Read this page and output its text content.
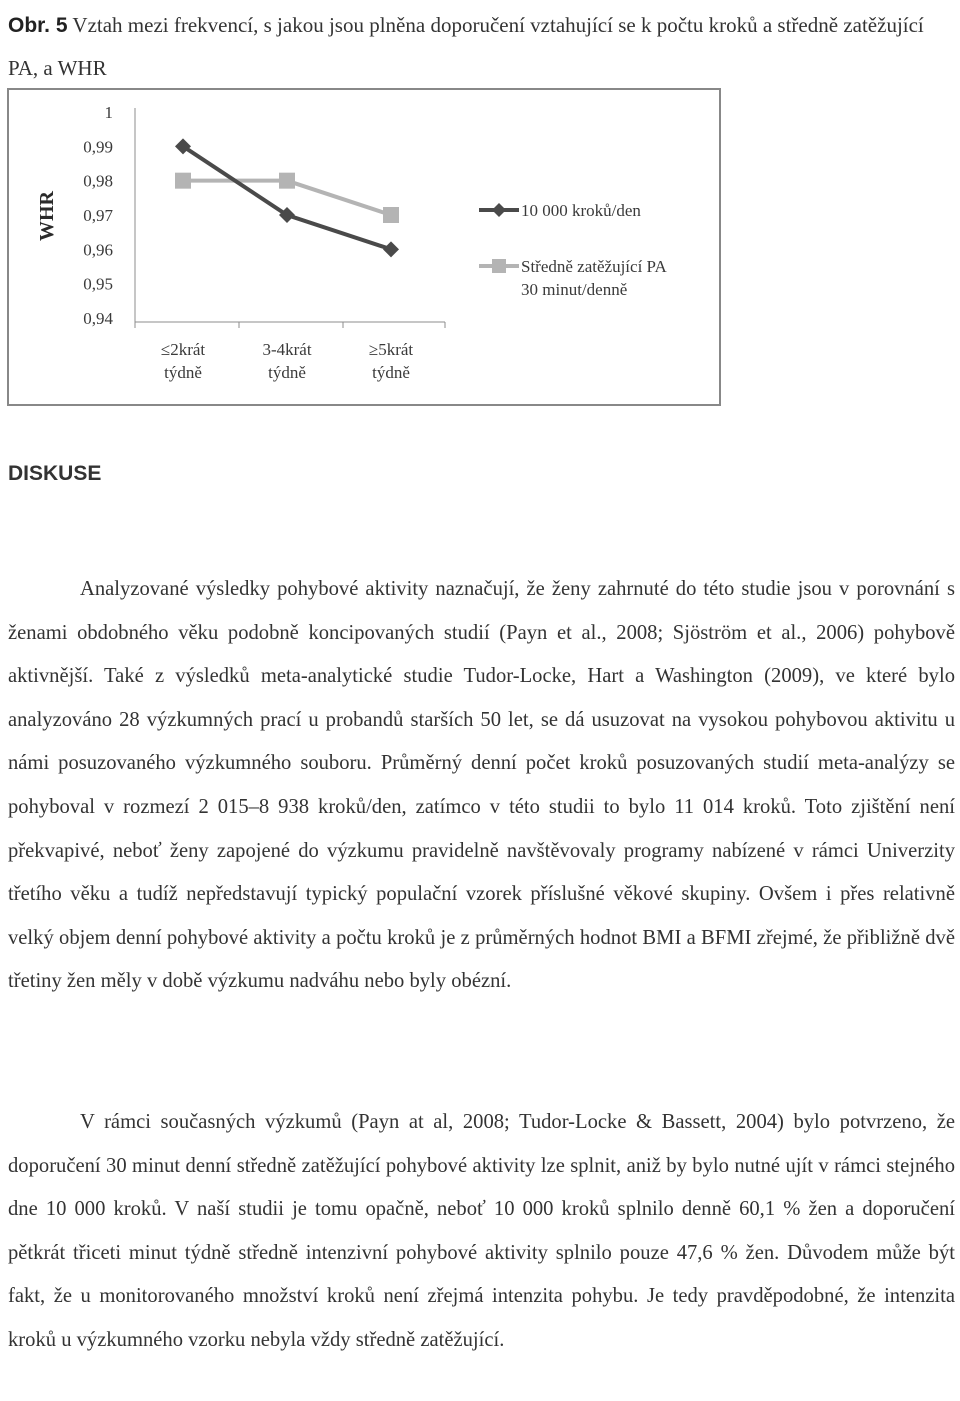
Obr. 5 Vztah mezi frekvencí, s jakou jsou plněna doporučení vztahující se k počtu kroků a středně zatěžující PA, a WHR
1
0,99
0,98
0,97
0,96
0,95
0,94
WHR
≤2krát
týdně
3-4krát
týdně
≥5krát
týdně
10 000 kroků/den
Středně zatěžující PA
30 minut/denně
DISKUSE

Analyzované výsledky pohybové aktivity naznačují, že ženy zahrnuté do této studie jsou v porovnání s ženami obdobného věku podobně koncipovaných studií (Payn et al., 2008; Sjöström et al., 2006) pohybově aktivnější. Také z výsledků meta-analytické studie Tudor-Locke, Hart a Washington (2009), ve které bylo analyzováno 28 výzkumných prací u probandů starších 50 let, se dá usuzovat na vysokou pohybovou aktivitu u námi posuzovaného výzkumného souboru. Průměrný denní počet kroků posuzovaných studií meta-analýzy se pohyboval v rozmezí 2 015–8 938 kroků/den, zatímco v této studii to bylo 11 014 kroků. Toto zjištění není překvapivé, neboť ženy zapojené do výzkumu pravidelně navštěvovaly programy nabízené v rámci Univerzity třetího věku a tudíž nepředstavují typický populační vzorek příslušné věkové skupiny. Ovšem i přes relativně velký objem denní pohybové aktivity a počtu kroků je z průměrných hodnot BMI a BFMI zřejmé, že přibližně dvě třetiny žen měly v době výzkumu nadváhu nebo byly obézní.

V rámci současných výzkumů (Payn at al, 2008; Tudor-Locke & Bassett, 2004) bylo potvrzeno, že doporučení 30 minut denní středně zatěžující pohybové aktivity lze splnit, aniž by bylo nutné ujít v rámci stejného dne 10 000 kroků. V naší studii je tomu opačně, neboť 10 000 kroků splnilo denně 60,1 % žen a doporučení pětkrát třiceti minut týdně středně intenzivní pohybové aktivity splnilo pouze 47,6 % žen. Důvodem může být fakt, že u monitorovaného množství kroků není zřejmá intenzita pohybu. Je tedy pravděpodobné, že intenzita kroků u výzkumného vzorku nebyla vždy středně zatěžující.
